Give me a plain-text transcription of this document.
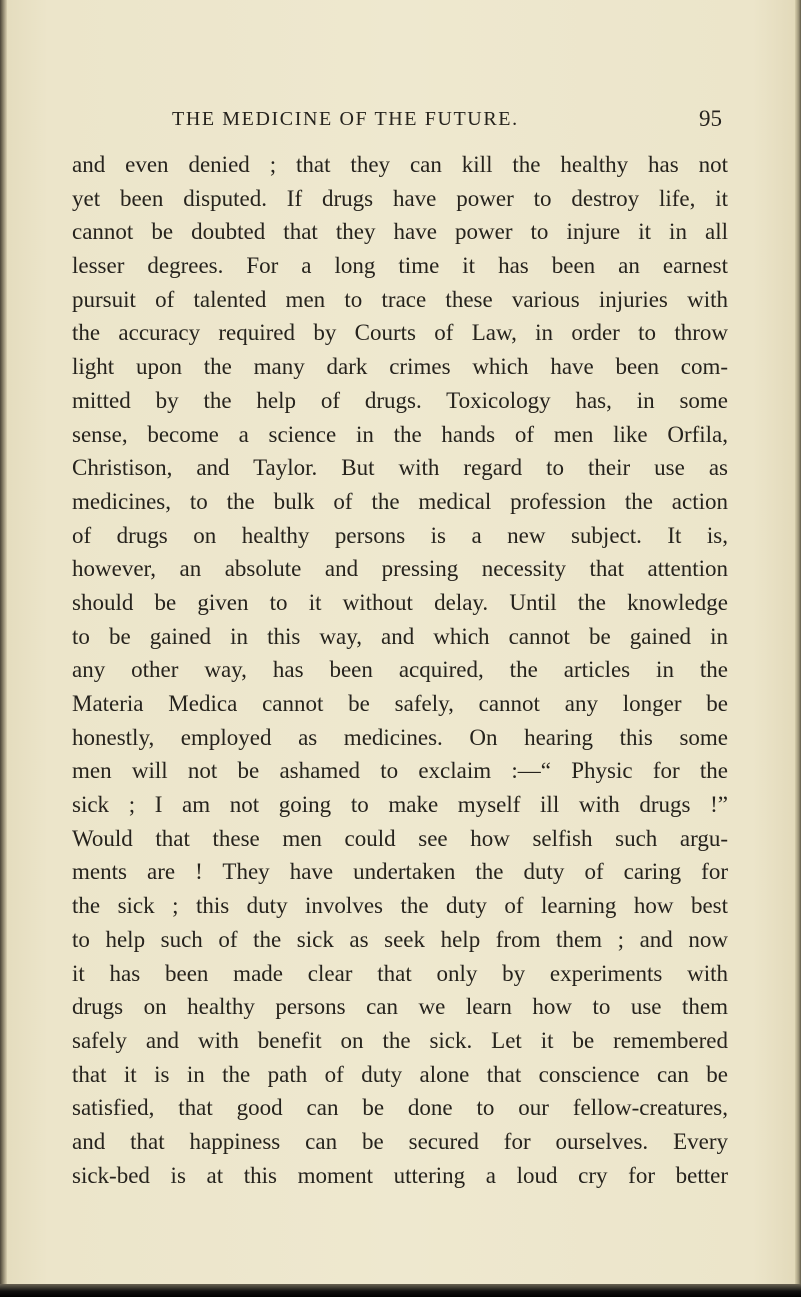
THE MEDICINE OF THE FUTURE.	95
and even denied ; that they can kill the healthy has not
yet been disputed. If drugs have power to destroy life, it
cannot be doubted that they have power to injure it in all
lesser degrees. For a long time it has been an earnest
pursuit of talented men to trace these various injuries with
the accuracy required by Courts of Law, in order to throw
light upon the many dark crimes which have been com-
mitted by the help of drugs. Toxicology has, in some
sense, become a science in the hands of men like Orfila,
Christison, and Taylor. But with regard to their use as
medicines, to the bulk of the medical profession the action
of drugs on healthy persons is a new subject. It is,
however, an absolute and pressing necessity that attention
should be given to it without delay. Until the knowledge
to be gained in this way, and which cannot be gained in
any other way, has been acquired, the articles in the
Materia Medica cannot be safely, cannot any longer be
honestly, employed as medicines. On hearing this some
men will not be ashamed to exclaim :—“ Physic for the
sick ; I am not going to make myself ill with drugs !”
Would that these men could see how selfish such argu-
ments are ! They have undertaken the duty of caring for
the sick ; this duty involves the duty of learning how best
to help such of the sick as seek help from them ; and now
it has been made clear that only by experiments with
drugs on healthy persons can we learn how to use them
safely and with benefit on the sick. Let it be remembered
that it is in the path of duty alone that conscience can be
satisfied, that good can be done to our fellow-creatures,
and that happiness can be secured for ourselves. Every
sick-bed is at this moment uttering a loud cry for better
